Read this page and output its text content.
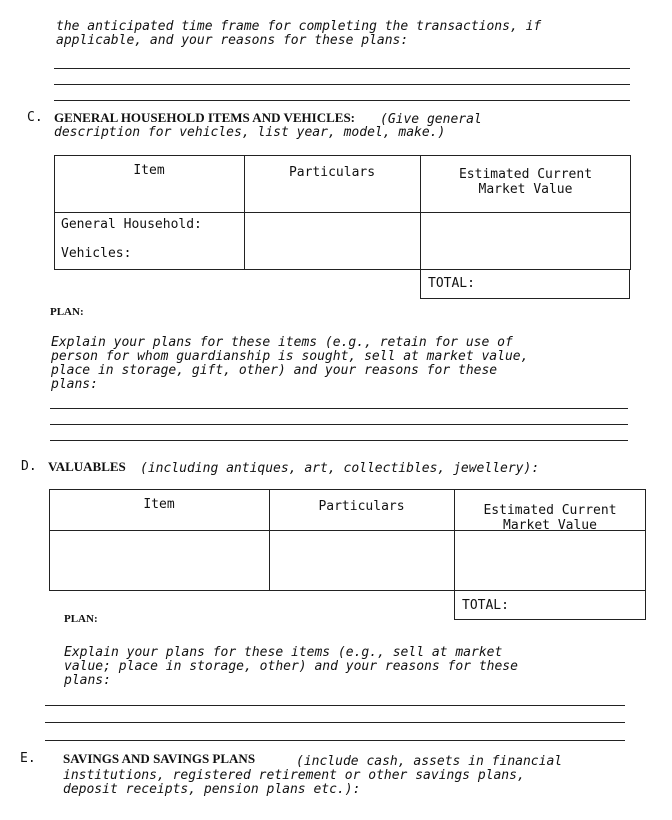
the anticipated time frame for completing the transactions, if
applicable, and your reasons for these plans:
C. GENERAL HOUSEHOLD ITEMS AND VEHICLES: (Give general
description for vehicles, list year, model, make.)
Item	Particulars	Estimated Current
Market Value
General Household:
Vehicles:
TOTAL:
PLAN:
Explain your plans for these items (e.g., retain for use of
person for whom guardianship is sought, sell at market value,
place in storage, gift, other) and your reasons for these
plans:
D. VALUABLES (including antiques, art, collectibles, jewellery):
Item	Particulars	Estimated Current
Market Value
TOTAL:
PLAN:
Explain your plans for these items (e.g., sell at market
value; place in storage, other) and your reasons for these
plans:
E. SAVINGS AND SAVINGS PLANS	(include cash, assets in financial
institutions, registered retirement or other savings plans,
deposit receipts, pension plans etc.):
